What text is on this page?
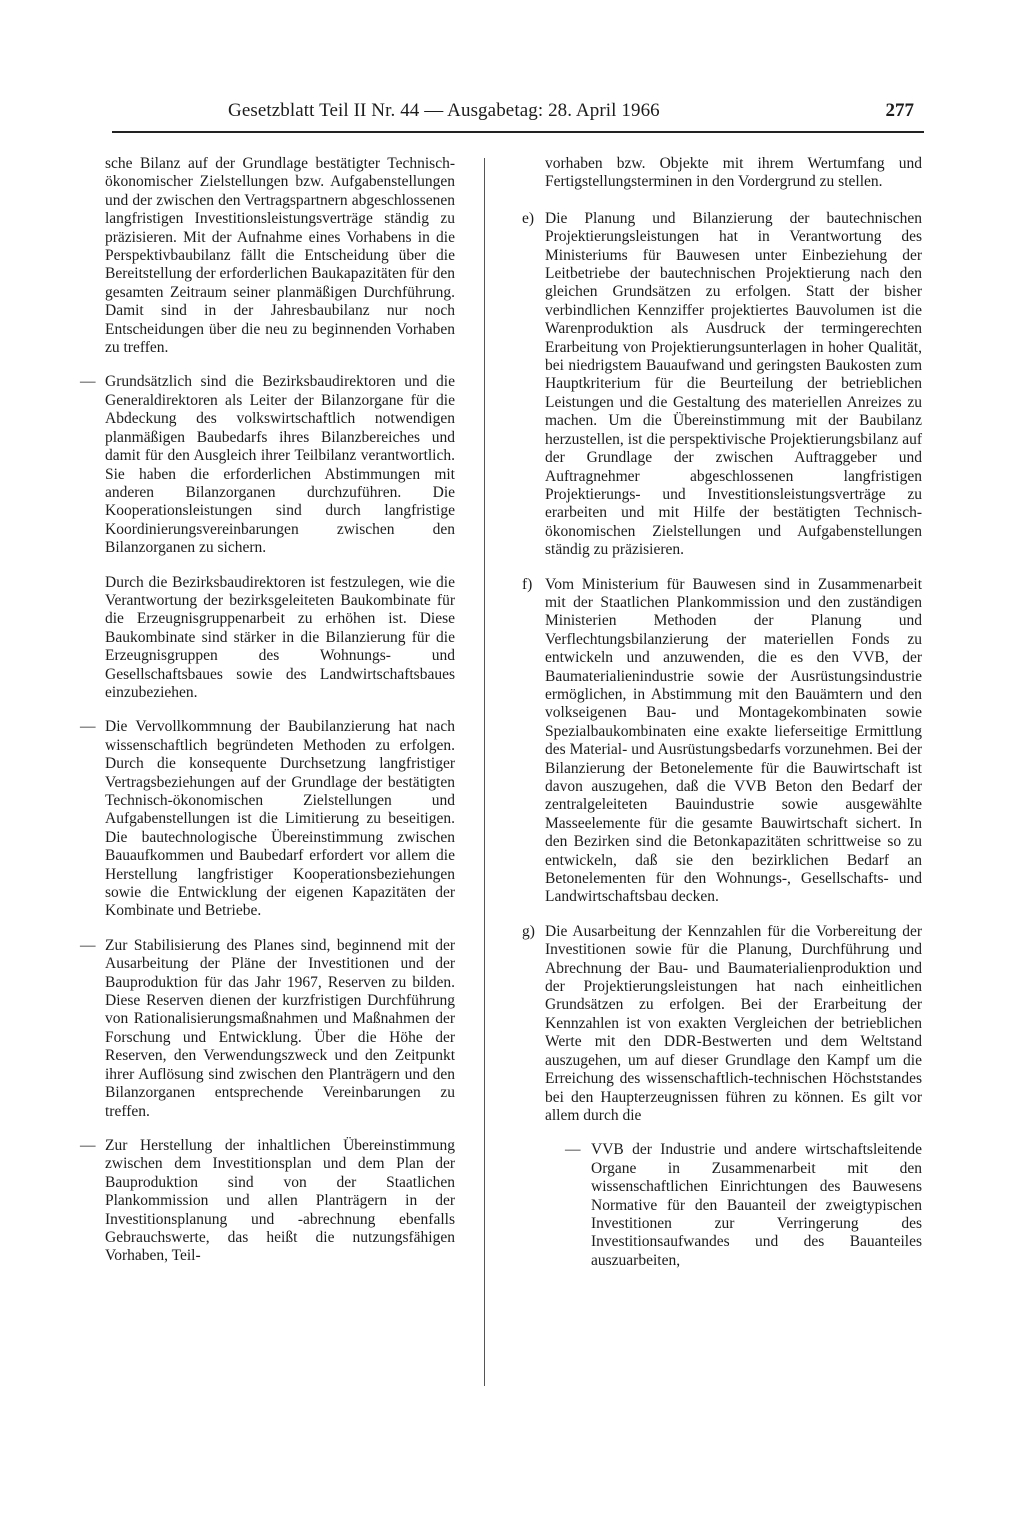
Gesetzblatt Teil II Nr. 44 — Ausgabetag: 28. April 1966	277

sche Bilanz auf der Grundlage bestätigter Technisch-ökonomischer Zielstellungen bzw. Aufgabenstellungen und der zwischen den Vertragspartnern abgeschlossenen langfristigen Investitionsleistungsverträge ständig zu präzisieren. Mit der Aufnahme eines Vorhabens in die Perspektivbaubilanz fällt die Entscheidung über die Bereitstellung der erforderlichen Baukapazitäten für den gesamten Zeitraum seiner planmäßigen Durchführung. Damit sind in der Jahresbaubilanz nur noch Entscheidungen über die neu zu beginnenden Vorhaben zu treffen.

— Grundsätzlich sind die Bezirksbaudirektoren und die Generaldirektoren als Leiter der Bilanzorgane für die Abdeckung des volkswirtschaftlich notwendigen planmäßigen Baubedarfs ihres Bilanzbereiches und damit für den Ausgleich ihrer Teilbilanz verantwortlich. Sie haben die erforderlichen Abstimmungen mit anderen Bilanzorganen durchzuführen. Die Kooperationsleistungen sind durch langfristige Koordinierungsvereinbarungen zwischen den Bilanzorganen zu sichern.

Durch die Bezirksbaudirektoren ist festzulegen, wie die Verantwortung der bezirksgeleiteten Baukombinate für die Erzeugnisgruppenarbeit zu erhöhen ist. Diese Baukombinate sind stärker in die Bilanzierung für die Erzeugnisgruppen des Wohnungs- und Gesellschaftsbaues sowie des Landwirtschaftsbaues einzubeziehen.

— Die Vervollkommnung der Baubilanzierung hat nach wissenschaftlich begründeten Methoden zu erfolgen. Durch die konsequente Durchsetzung langfristiger Vertragsbeziehungen auf der Grundlage der bestätigten Technisch-ökonomischen Zielstellungen und Aufgabenstellungen ist die Limitierung zu beseitigen. Die bautechnologische Übereinstimmung zwischen Bauaufkommen und Baubedarf erfordert vor allem die Herstellung langfristiger Kooperationsbeziehungen sowie die Entwicklung der eigenen Kapazitäten der Kombinate und Betriebe.
— Zur Stabilisierung des Planes sind, beginnend mit der Ausarbeitung der Pläne der Investitionen und der Bauproduktion für das Jahr 1967, Reserven zu bilden. Diese Reserven dienen der kurzfristigen Durchführung von Rationalisierungsmaßnahmen und Maßnahmen der Forschung und Entwicklung. Über die Höhe der Reserven, den Verwendungszweck und den Zeitpunkt ihrer Auflösung sind zwischen den Planträgern und den Bilanzorganen entsprechende Vereinbarungen zu treffen.
— Zur Herstellung der inhaltlichen Übereinstimmung zwischen dem Investitionsplan und dem Plan der Bauproduktion sind von der Staatlichen Plankommission und allen Planträgern in der Investitionsplanung und -abrechnung ebenfalls Gebrauchswerte, das heißt die nutzungsfähigen Vorhaben, Teil-

vorhaben bzw. Objekte mit ihrem Wertumfang und Fertigstellungsterminen in den Vordergrund zu stellen.

e) Die Planung und Bilanzierung der bautechnischen Projektierungsleistungen hat in Verantwortung des Ministeriums für Bauwesen unter Einbeziehung der Leitbetriebe der bautechnischen Projektierung nach den gleichen Grundsätzen zu erfolgen. Statt der bisher verbindlichen Kennziffer projektiertes Bauvolumen ist die Warenproduktion als Ausdruck der termingerechten Erarbeitung von Projektierungsunterlagen in hoher Qualität, bei niedrigstem Bauaufwand und geringsten Baukosten zum Hauptkriterium für die Beurteilung der betrieblichen Leistungen und die Gestaltung des materiellen Anreizes zu machen. Um die Übereinstimmung mit der Baubilanz herzustellen, ist die perspektivische Projektierungsbilanz auf der Grundlage der zwischen Auftraggeber und Auftragnehmer abgeschlossenen langfristigen Projektierungs- und Investitionsleistungsverträge zu erarbeiten und mit Hilfe der bestätigten Technisch-ökonomischen Zielstellungen und Aufgabenstellungen ständig zu präzisieren.
f) Vom Ministerium für Bauwesen sind in Zusammenarbeit mit der Staatlichen Plankommission und den zuständigen Ministerien Methoden der Planung und Verflechtungsbilanzierung der materiellen Fonds zu entwickeln und anzuwenden, die es den VVB, der Baumaterialienindustrie sowie der Ausrüstungsindustrie ermöglichen, in Abstimmung mit den Bauämtern und den volkseigenen Bau- und Montagekombinaten sowie Spezialbaukombinaten eine exakte lieferseitige Ermittlung des Material- und Ausrüstungsbedarfs vorzunehmen. Bei der Bilanzierung der Betonelemente für die Bauwirtschaft ist davon auszugehen, daß die VVB Beton den Bedarf der zentralgeleiteten Bauindustrie sowie ausgewählte Masseelemente für die gesamte Bauwirtschaft sichert. In den Bezirken sind die Betonkapazitäten schrittweise so zu entwickeln, daß sie den bezirklichen Bedarf an Betonelementen für den Wohnungs-, Gesellschafts- und Landwirtschaftsbau decken.
g) Die Ausarbeitung der Kennzahlen für die Vorbereitung der Investitionen sowie für die Planung, Durchführung und Abrechnung der Bau- und Baumaterialienproduktion und der Projektierungsleistungen hat nach einheitlichen Grundsätzen zu erfolgen. Bei der Erarbeitung der Kennzahlen ist von exakten Vergleichen der betrieblichen Werte mit den DDR-Bestwerten und dem Weltstand auszugehen, um auf dieser Grundlage den Kampf um die Erreichung des wissenschaftlich-technischen Höchststandes bei den Haupterzeugnissen führen zu können. Es gilt vor allem durch die
— VVB der Industrie und andere wirtschaftsleitende Organe in Zusammenarbeit mit den wissenschaftlichen Einrichtungen des Bauwesens Normative für den Bauanteil der zweigtypischen Investitionen zur Verringerung des Investitionsaufwandes und des Bauanteiles auszuarbeiten,
